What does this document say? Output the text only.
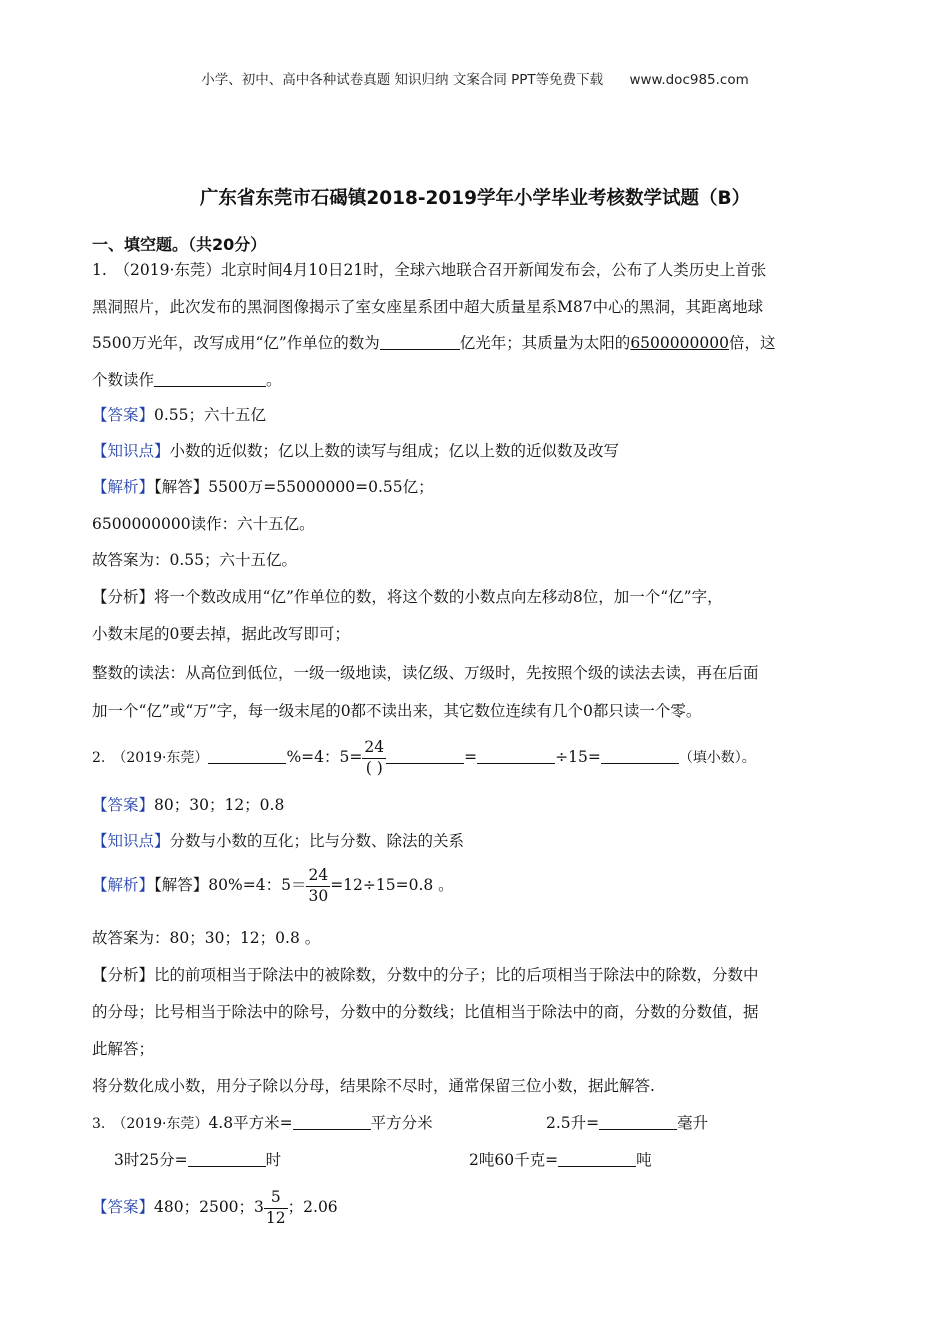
小学、初中、高中各种试卷真题 知识归纳 文案合同 PPT等免费下载 www.doc985.com
广东省东莞市石碣镇2018-2019学年小学毕业考核数学试题（B）
一、填空题。（共20分）
1.　（2019·东莞）北京时间4月10日21时，全球六地联合召开新闻发布会，公布了人类历史上首张
黑洞照片，此次发布的黑洞图像揭示了室女座星系团中超大质量星系M87中心的黑洞，其距离地球
5500万光年，改写成用“亿”作单位的数为	亿光年；其质量为太阳的6500000000倍，这
个数读作	。
【答案】0.55；六十五亿
【知识点】小数的近似数；亿以上数的读写与组成；亿以上数的近似数及改写
【解析】【解答】5500万=55000000=0.55亿；
6500000000读作：六十五亿。
故答案为：0.55；六十五亿。
【分析】将一个数改成用“亿”作单位的数，将这个数的小数点向左移动8位，加一个“亿”字，
小数末尾的0要去掉，据此改写即可；
整数的读法：从高位到低位，一级一级地读，读亿级、万级时，先按照个级的读法去读，再在后面
加一个“亿”或“万”字，每一级末尾的0都不读出来，其它数位连续有几个0都只读一个零。
2.　（2019·东莞）	%=4：$5= \frac{24}{( )}$	=	÷15=	（填小数）。
【答案】80；30；12；0.8
【知识点】分数与小数的互化；比与分数、除法的关系
【解析】【解答】80%=4：$5= \frac{24}{30} =12\div 15=0.8$ 。
故答案为：80；30；12；0.8 。
【分析】比的前项相当于除法中的被除数，分数中的分子；比的后项相当于除法中的除数，分数中
的分母；比号相当于除法中的除号，分数中的分数线；比值相当于除法中的商，分数的分数值，据
此解答；
将分数化成小数，用分子除以分母，结果除不尽时，通常保留三位小数，据此解答.
3.　（2019·东莞）4.8平方米=	平方分米	2.5升=	毫升
3时25分=	时	2吨60千克=	吨
【答案】480；2500；$3 \frac{5}{12}$ ；2.06
